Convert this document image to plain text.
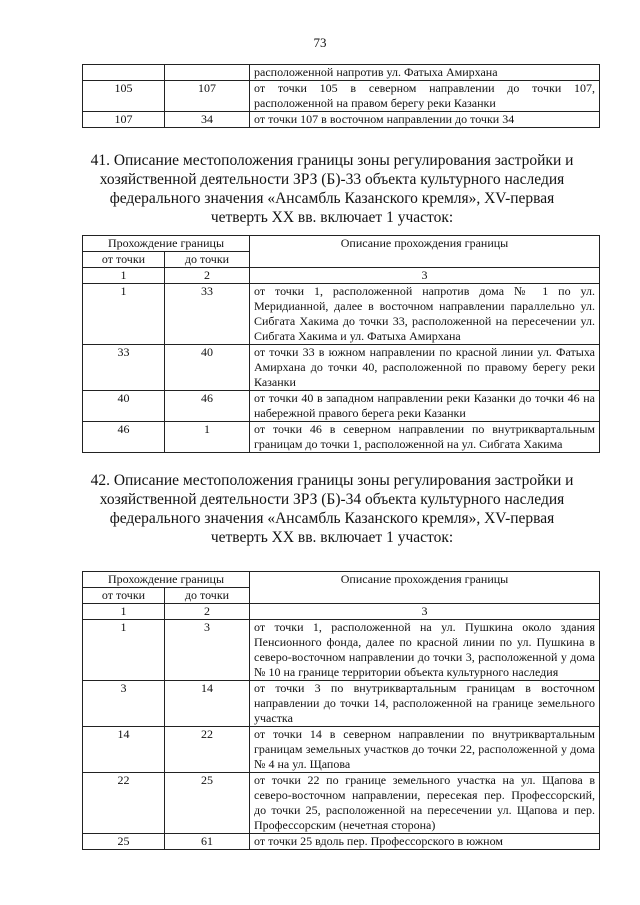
73
		расположенной напротив ул. Фатыха Амирхана
105	107	от точки 105 в северном направлении до точки 107, расположенной на правом берегу реки Казанки
107	34	от точки 107 в восточном направлении до точки 34
41. Описание местоположения границы зоны регулирования застройки и хозяйственной деятельности ЗРЗ (Б)-33 объекта культурного наследия федерального значения «Ансамбль Казанского кремля», XV-первая четверть XX вв. включает 1 участок:
Прохождение границы		Описание прохождения границы
от точки	до точки	
1	2	3
1	33	от точки 1, расположенной напротив дома № 1 по ул. Меридианной, далее в восточном направлении параллельно ул. Сибгата Хакима до точки 33, расположенной на пересечении ул. Сибгата Хакима и ул. Фатыха Амирхана
33	40	от точки 33 в южном направлении по красной линии ул. Фатыха Амирхана до точки 40, расположенной по правому берегу реки Казанки
40	46	от точки 40 в западном направлении реки Казанки до точки 46 на набережной правого берега реки Казанки
46	1	от точки 46 в северном направлении по внутриквартальным границам до точки 1, расположенной на ул. Сибгата Хакима
42. Описание местоположения границы зоны регулирования застройки и хозяйственной деятельности ЗРЗ (Б)-34 объекта культурного наследия федерального значения «Ансамбль Казанского кремля», XV-первая четверть XX вв. включает 1 участок:
Прохождение границы		Описание прохождения границы
от точки	до точки	
1	2	3
1	3	от точки 1, расположенной на ул. Пушкина около здания Пенсионного фонда, далее по красной линии по ул. Пушкина в северо-восточном направлении до точки 3, расположенной у дома № 10 на границе территории объекта культурного наследия
3	14	от точки 3 по внутриквартальным границам в восточном направлении до точки 14, расположенной на границе земельного участка
14	22	от точки 14 в северном направлении по внутриквартальным границам земельных участков до точки 22, расположенной у дома № 4 на ул. Щапова
22	25	от точки 22 по границе земельного участка на ул. Щапова в северо-восточном направлении, пересекая пер. Профессорский, до точки 25, расположенной на пересечении ул. Щапова и пер. Профессорским (нечетная сторона)
25	61	от точки 25 вдоль пер. Профессорского в южном
